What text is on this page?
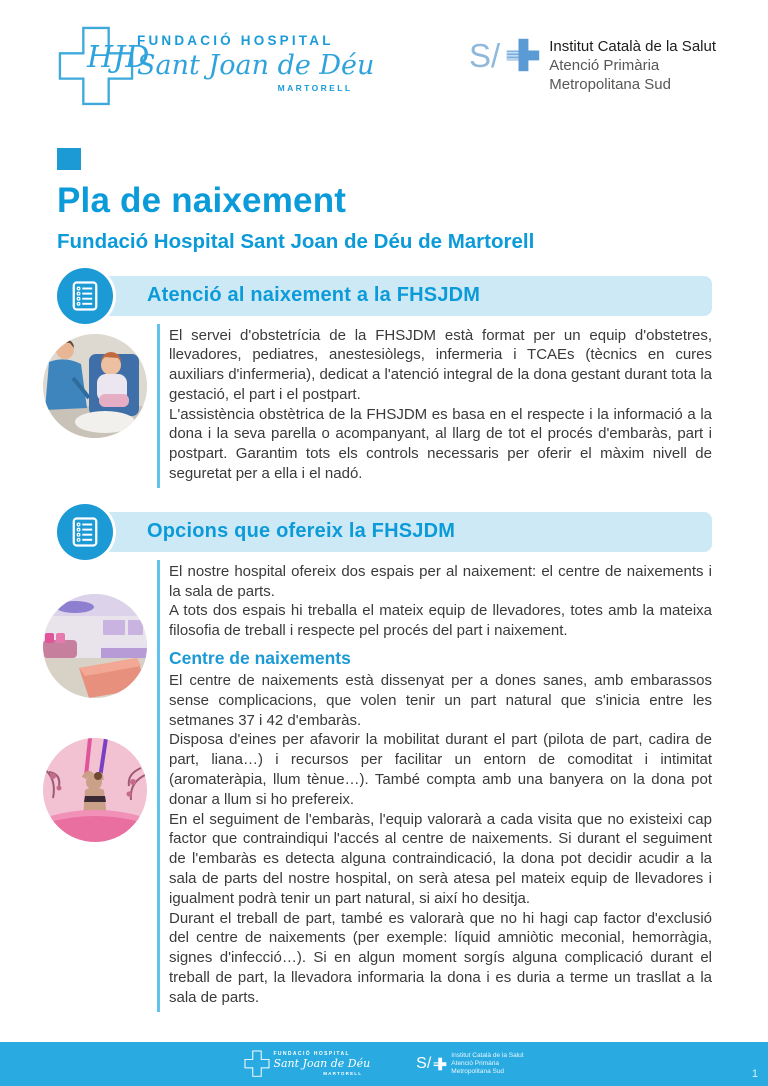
HJD
FUNDACIÓ HOSPITAL
Sant Joan de Déu
MARTORELL
S/	Institut Català de la Salut
Atenció Primària
Metropolitana Sud
Pla de naixement
Fundació Hospital Sant Joan de Déu de Martorell
Atenció al naixement a la FHSJDM

El servei d'obstetrícia de la FHSJDM està format per un equip d'obstetres, llevadores, pediatres, anestesiòlegs, infermeria i TCAEs (tècnics en cures auxiliars d'infermeria), dedicat a l'atenció integral de la dona gestant durant tota la gestació, el part i el postpart.

L'assistència obstètrica de la FHSJDM es basa en el respecte i la informació a la dona i la seva parella o acompanyant, al llarg de tot el procés d'embaràs, part i postpart. Garantim tots els controls necessaris per oferir el màxim nivell de seguretat per a ella i el nadó.

Opcions que ofereix la FHSJDM

El nostre hospital ofereix dos espais per al naixement: el centre de naixements i la sala de parts.

A tots dos espais hi treballa el mateix equip de llevadores, totes amb la mateixa filosofia de treball i respecte pel procés del part i naixement.

Centre de naixements

El centre de naixements està dissenyat per a dones sanes, amb embarassos sense complicacions, que volen tenir un part natural que s'inicia entre les setmanes 37 i 42 d'embaràs.

Disposa d'eines per afavorir la mobilitat durant el part (pilota de part, cadira de part, liana…) i recursos per facilitar un entorn de comoditat i intimitat (aromateràpia, llum tènue…). També compta amb una banyera on la dona pot donar a llum si ho prefereix.

En el seguiment de l'embaràs, l'equip valorarà a cada visita que no existeixi cap factor que contraindiqui l'accés al centre de naixements. Si durant el seguiment de l'embaràs es detecta alguna contraindicació, la dona pot decidir acudir a la sala de parts del nostre hospital, on serà atesa pel mateix equip de llevadores i igualment podrà tenir un part natural, si així ho desitja.

Durant el treball de part, també es valorarà que no hi hagi cap factor d'exclusió del centre de naixements (per exemple: líquid amniòtic meconial, hemorràgia, signes d'infecció…). Si en algun moment sorgís alguna complicació durant el treball de part, la llevadora informaria la dona i es duria a terme un trasllat a la sala de parts.

FUNDACIÓ HOSPITAL
Sant Joan de Déu
MARTORELL
S/	Institut Català de la Salut
Atenció Primària
Metropolitana Sud	1
